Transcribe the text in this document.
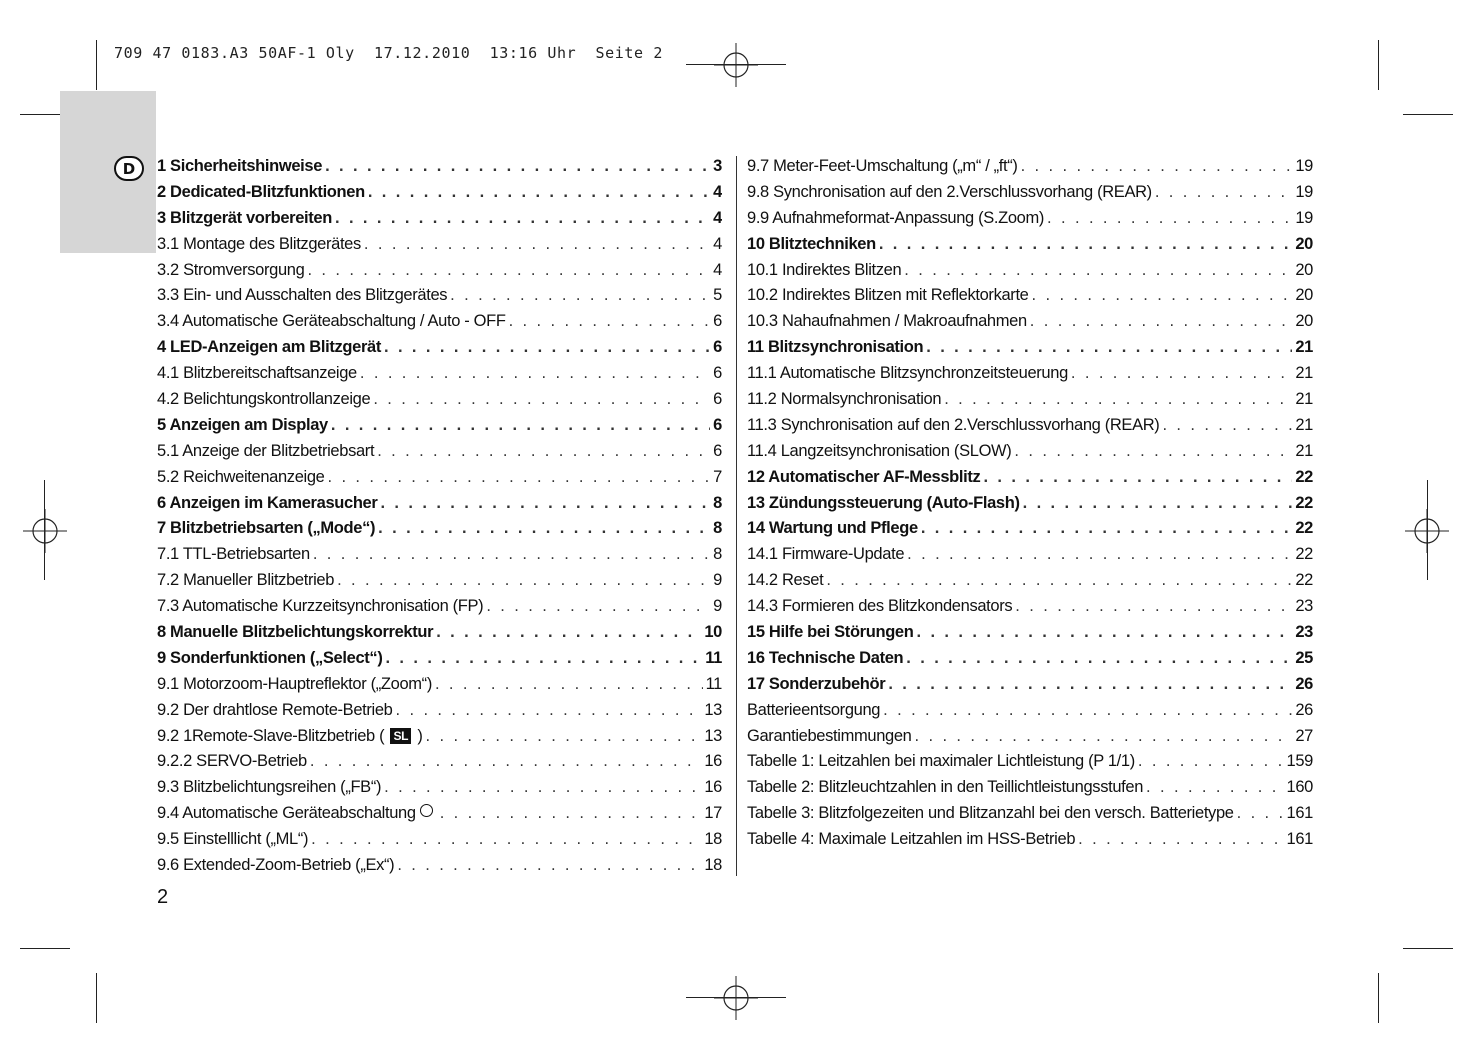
709 47 0183.A3 50AF-1 Oly  17.12.2010  13:16 Uhr  Seite 2
D	1 Sicherheitshinweise . . .	3
2 Dedicated-Blitzfunktionen . . .	4
3 Blitzgerät vorbereiten . . .	4
3.1 Montage des Blitzgerätes . . .	4
3.2 Stromversorgung . . .	4
3.3 Ein- und Ausschalten des Blitzgerätes . . .	5
3.4 Automatische Geräteabschaltung / Auto - OFF . . .	6
4 LED-Anzeigen am Blitzgerät . . .	6
4.1 Blitzbereitschaftsanzeige . . .	6
4.2 Belichtungskontrollanzeige . . .	6
5 Anzeigen am Display . . .	6
5.1 Anzeige der Blitzbetriebsart . . .	6
5.2 Reichweitenanzeige . . .	7
6 Anzeigen im Kamerasucher . . .	8
7 Blitzbetriebsarten („Mode“) . . .	8
7.1 TTL-Betriebsarten . . .	8
7.2 Manueller Blitzbetrieb . . .	9
7.3 Automatische Kurzzeitsynchronisation (FP) . . .	9
8 Manuelle Blitzbelichtungskorrektur . . .	10
9 Sonderfunktionen („Select“) . . .	11
9.1 Motorzoom-Hauptreflektor („Zoom“) . . .	11
9.2 Der drahtlose Remote-Betrieb . . .	13
9.2 1Remote-Slave-Blitzbetrieb ( SL ) . . .	13
9.2.2 SERVO-Betrieb . . .	16
9.3 Blitzbelichtungsreihen („FB“) . . .	16
9.4 Automatische Geräteabschaltung . . .	17
9.5 Einstelllicht („ML“) . . .	18
9.6 Extended-Zoom-Betrieb („Ex“) . . .	18
9.7 Meter-Feet-Umschaltung („m“ / „ft“) . . .	19
9.8 Synchronisation auf den 2.Verschlussvorhang (REAR) . . .	19
9.9 Aufnahmeformat-Anpassung (S.Zoom) . . .	19
10 Blitztechniken . . .	20
10.1 Indirektes Blitzen . . .	20
10.2 Indirektes Blitzen mit Reflektorkarte . . .	20
10.3 Nahaufnahmen / Makroaufnahmen . . .	20
11 Blitzsynchronisation . . .	21
11.1 Automatische Blitzsynchronzeitsteuerung . . .	21
11.2 Normalsynchronisation . . .	21
11.3 Synchronisation auf den 2.Verschlussvorhang (REAR) . . .	21
11.4 Langzeitsynchronisation (SLOW) . . .	21
12 Automatischer AF-Messblitz . . .	22
13 Zündungssteuerung (Auto-Flash) . . .	22
14 Wartung und Pflege . . .	22
14.1 Firmware-Update . . .	22
14.2 Reset . . .	22
14.3 Formieren des Blitzkondensators . . .	23
15 Hilfe bei Störungen . . .	23
16 Technische Daten . . .	25
17 Sonderzubehör . . .	26
Batterieentsorgung . . .	26
Garantiebestimmungen . . .	27
Tabelle 1: Leitzahlen bei maximaler Lichtleistung (P 1/1) . . .	159
Tabelle 2: Blitzleuchtzahlen in den Teillichtleistungsstufen . . .	160
Tabelle 3: Blitzfolgezeiten und Blitzanzahl bei den versch. Batterietype . . .	161
Tabelle 4: Maximale Leitzahlen im HSS-Betrieb . . .	161
2
